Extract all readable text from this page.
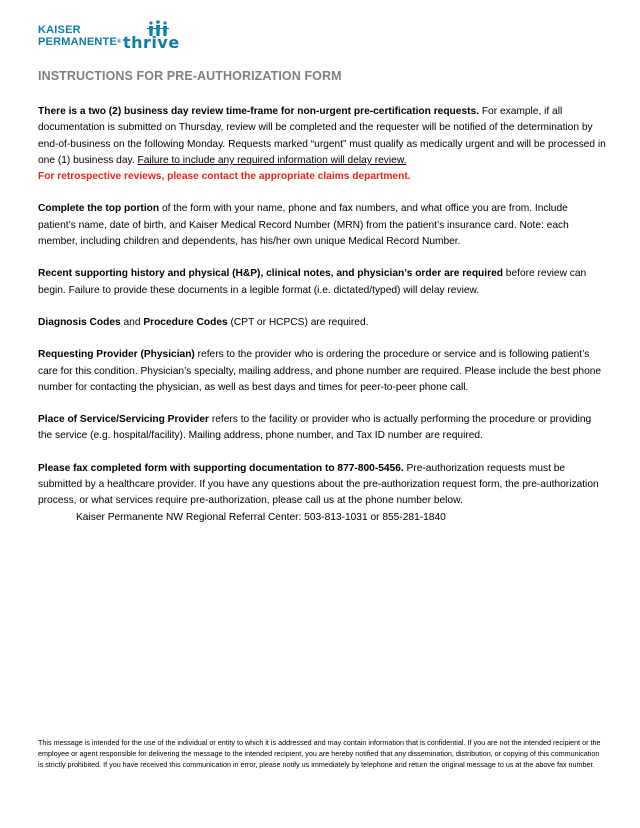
KAISER
PERMANENTE® thrive
INSTRUCTIONS FOR PRE-AUTHORIZATION FORM

There is a two (2) business day review time-frame for non-urgent pre-certification requests. For example, if all documentation is submitted on Thursday, review will be completed and the requester will be notified of the determination by end-of-business on the following Monday. Requests marked “urgent” must qualify as medically urgent and will be processed in one (1) business day. Failure to include any required information will delay review.
For retrospective reviews, please contact the appropriate claims department.

Complete the top portion of the form with your name, phone and fax numbers, and what office you are from. Include patient’s name, date of birth, and Kaiser Medical Record Number (MRN) from the patient’s insurance card. Note: each member, including children and dependents, has his/her own unique Medical Record Number.

Recent supporting history and physical (H&P), clinical notes, and physician’s order are required before review can begin. Failure to provide these documents in a legible format (i.e. dictated/typed) will delay review.

Diagnosis Codes and Procedure Codes (CPT or HCPCS) are required.

Requesting Provider (Physician) refers to the provider who is ordering the procedure or service and is following patient’s care for this condition. Physician’s specialty, mailing address, and phone number are required. Please include the best phone number for contacting the physician, as well as best days and times for peer-to-peer phone call.

Place of Service/Servicing Provider refers to the facility or provider who is actually performing the procedure or providing the service (e.g. hospital/facility). Mailing address, phone number, and Tax ID number are required.

Please fax completed form with supporting documentation to 877-800-5456. Pre-authorization requests must be submitted by a healthcare provider. If you have any questions about the pre-authorization request form, the pre-authorization process, or what services require pre-authorization, please call us at the phone number below.
Kaiser Permanente NW Regional Referral Center: 503-813-1031 or 855-281-1840

This message is intended for the use of the individual or entity to which it is addressed and may contain information that is confidential. If you are not the intended recipient or the employee or agent responsible for delivering the message to the intended recipient, you are hereby notified that any dissemination, distribution, or copying of this communication is strictly prohibited. If you have received this communication in error, please notify us immediately by telephone and return the original message to us at the above fax number.
